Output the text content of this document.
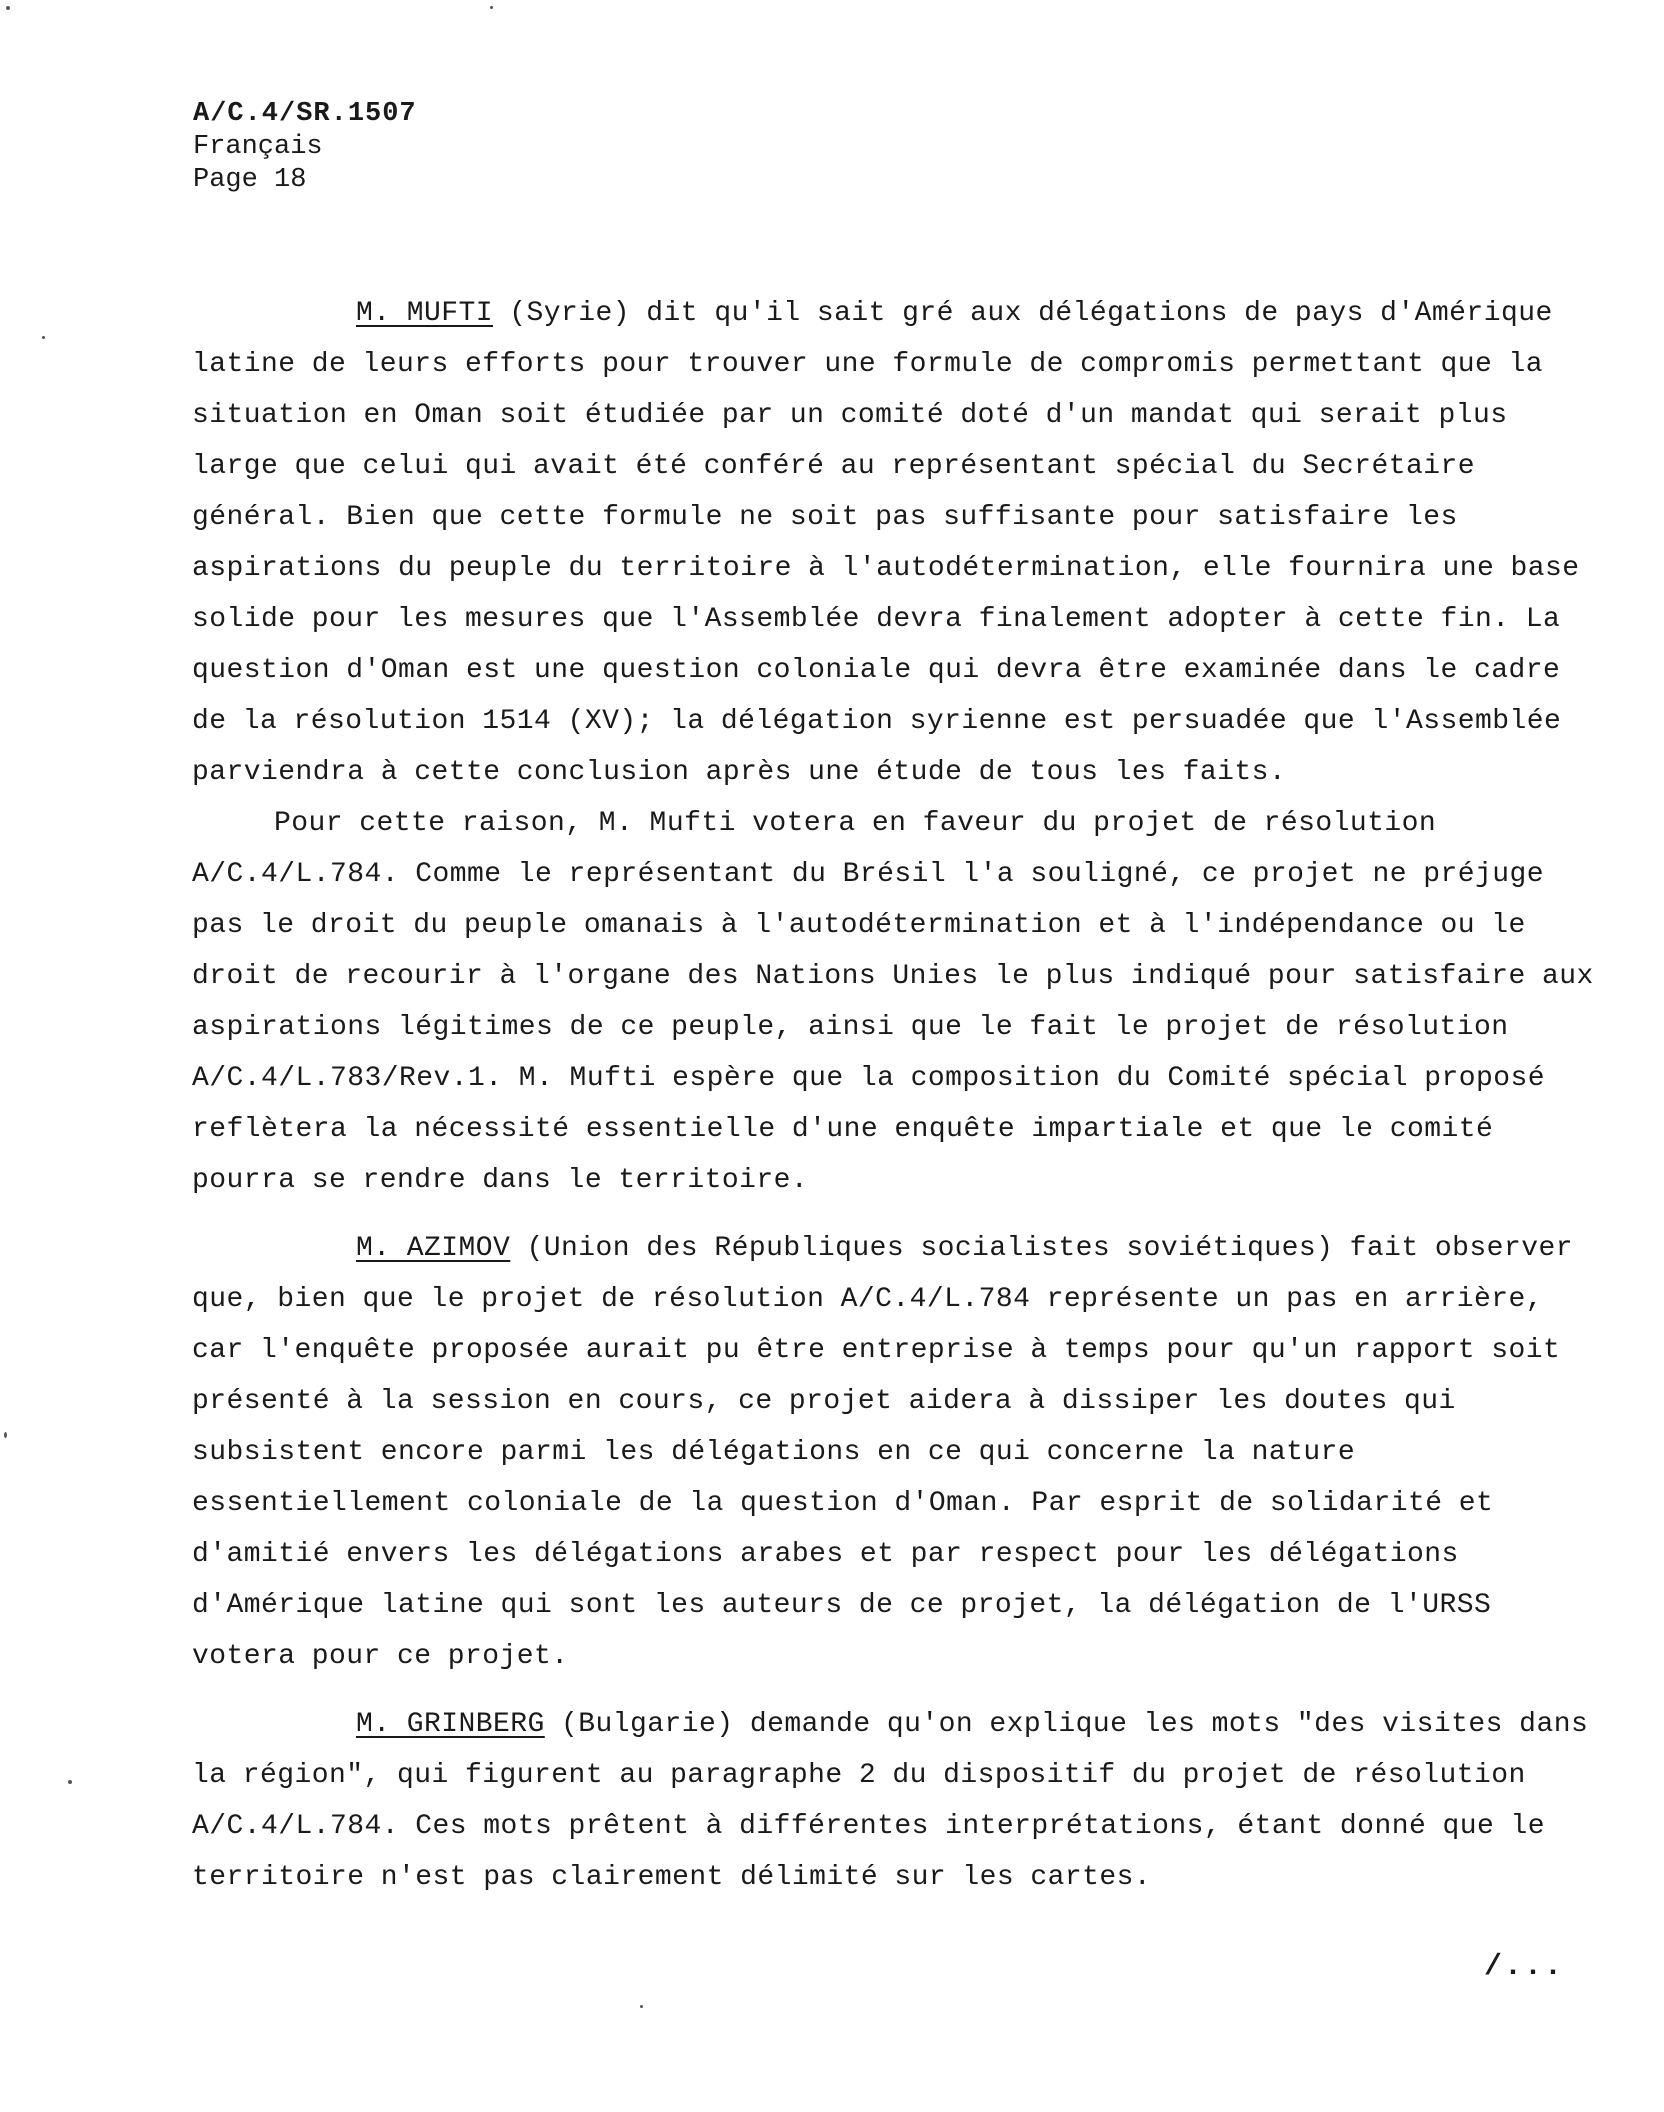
A/C.4/SR.1507
Français
Page 18

M. MUFTI (Syrie) dit qu'il sait gré aux délégations de pays d'Amérique
latine de leurs efforts pour trouver une formule de compromis permettant que la
situation en Oman soit étudiée par un comité doté d'un mandat qui serait plus
large que celui qui avait été conféré au représentant spécial du Secrétaire
général. Bien que cette formule ne soit pas suffisante pour satisfaire les
aspirations du peuple du territoire à l'autodétermination, elle fournira une base
solide pour les mesures que l'Assemblée devra finalement adopter à cette fin. La
question d'Oman est une question coloniale qui devra être examinée dans le cadre
de la résolution 1514 (XV); la délégation syrienne est persuadée que l'Assemblée
parviendra à cette conclusion après une étude de tous les faits.

Pour cette raison, M. Mufti votera en faveur du projet de résolution
A/C.4/L.784. Comme le représentant du Brésil l'a souligné, ce projet ne préjuge
pas le droit du peuple omanais à l'autodétermination et à l'indépendance ou le
droit de recourir à l'organe des Nations Unies le plus indiqué pour satisfaire aux
aspirations légitimes de ce peuple, ainsi que le fait le projet de résolution
A/C.4/L.783/Rev.1. M. Mufti espère que la composition du Comité spécial proposé
reflètera la nécessité essentielle d'une enquête impartiale et que le comité
pourra se rendre dans le territoire.

M. AZIMOV (Union des Républiques socialistes soviétiques) fait observer
que, bien que le projet de résolution A/C.4/L.784 représente un pas en arrière,
car l'enquête proposée aurait pu être entreprise à temps pour qu'un rapport soit
présenté à la session en cours, ce projet aidera à dissiper les doutes qui
subsistent encore parmi les délégations en ce qui concerne la nature
essentiellement coloniale de la question d'Oman. Par esprit de solidarité et
d'amitié envers les délégations arabes et par respect pour les délégations
d'Amérique latine qui sont les auteurs de ce projet, la délégation de l'URSS
votera pour ce projet.

M. GRINBERG (Bulgarie) demande qu'on explique les mots "des visites dans
la région", qui figurent au paragraphe 2 du dispositif du projet de résolution
A/C.4/L.784. Ces mots prêtent à différentes interprétations, étant donné que le
territoire n'est pas clairement délimité sur les cartes.

/...
